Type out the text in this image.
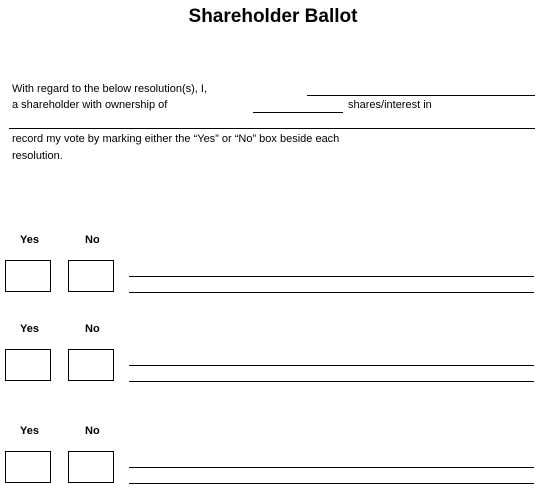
Shareholder Ballot
With regard to the below resolution(s), I,
a shareholder with ownership of	shares/interest in
record my vote by marking either the “Yes” or “No” box beside each
resolution.
Yes	No
Yes	No
Yes	No
